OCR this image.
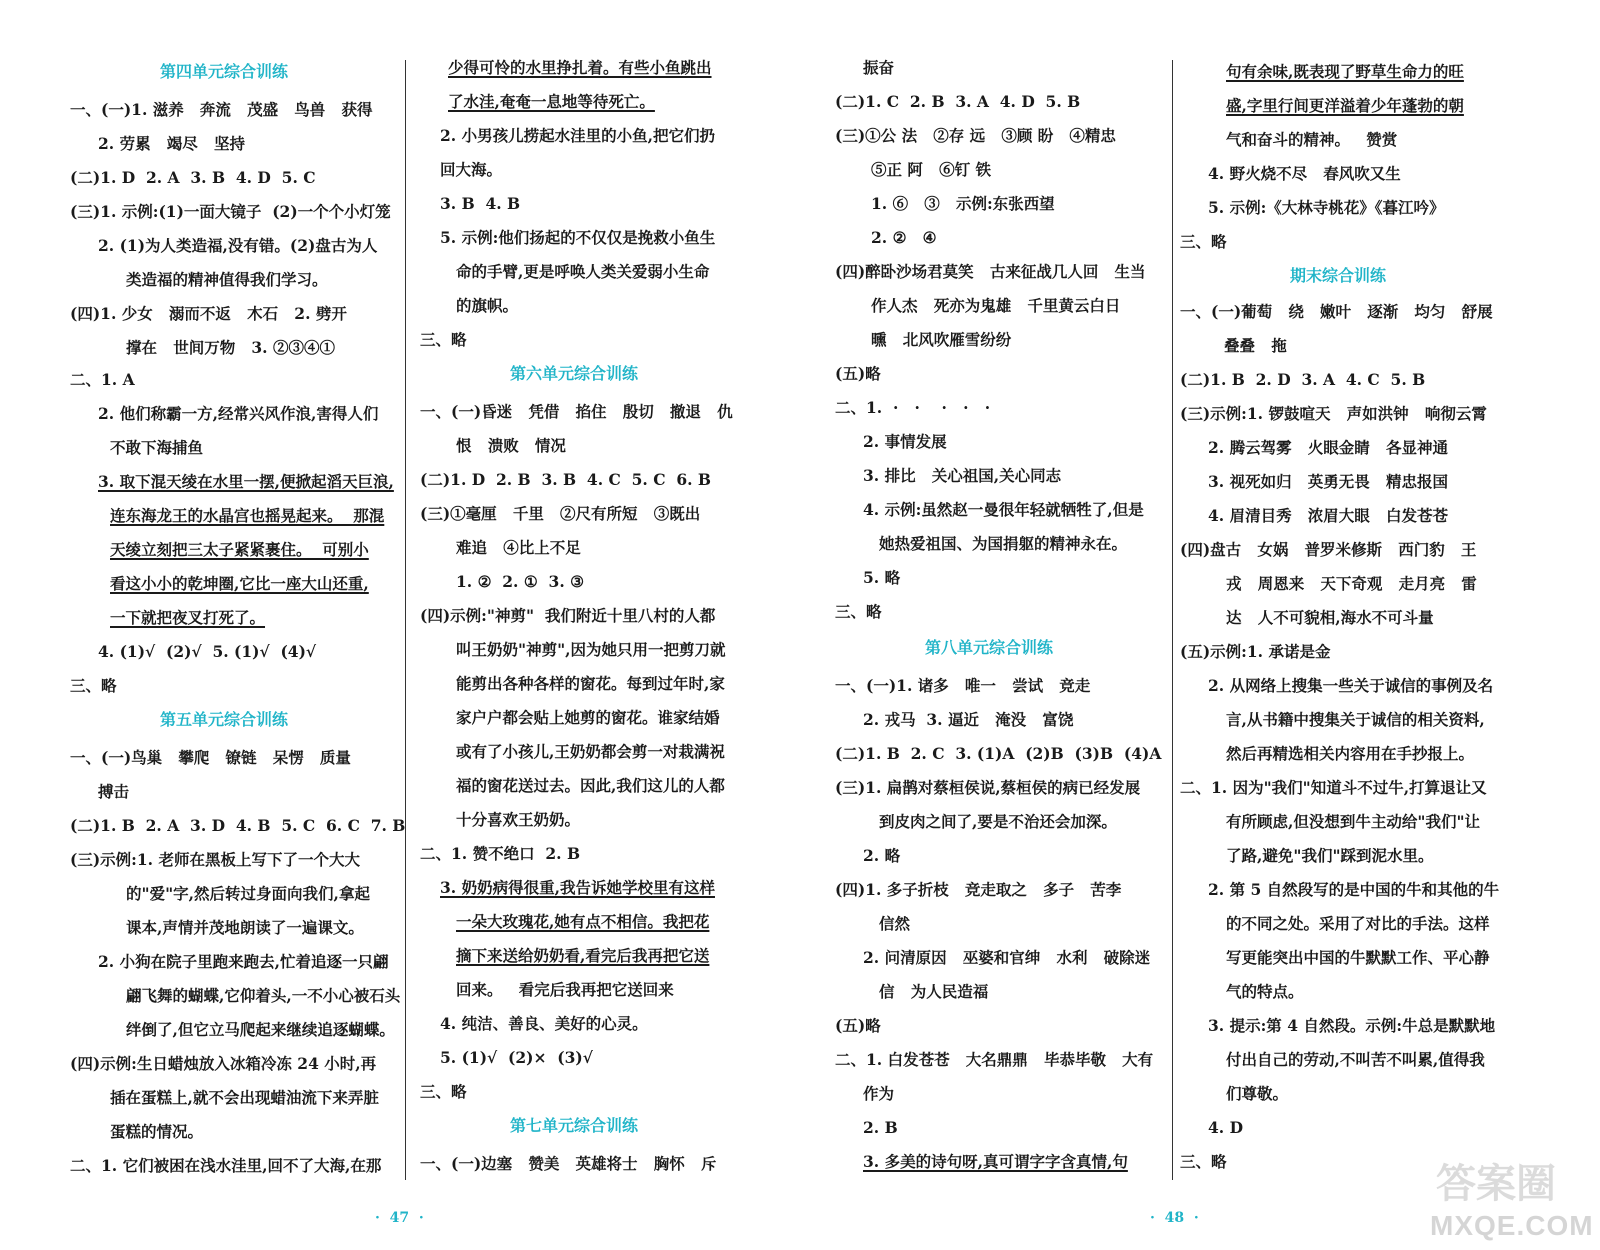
第四单元综合训练
一、(一)1. 滋养   奔流   茂盛   鸟兽   获得
2. 劳累   竭尽   坚持
(二)1. D  2. A  3. B  4. D  5. C
(三)1. 示例:(1)一面大镜子  (2)一个个小灯笼
2. (1)为人类造福,没有错。(2)盘古为人
类造福的精神值得我们学习。
(四)1. 少女   溺而不返   木石   2. 劈开
撑在   世间万物   3. ②③④①
二、1. A
2. 他们称霸一方,经常兴风作浪,害得人们
不敢下海捕鱼
3. 取下混天绫在水里一摆,便掀起滔天巨浪,
连东海龙王的水晶宫也摇晃起来。  那混
天绫立刻把三太子紧紧裹住。  可别小
看这小小的乾坤圈,它比一座大山还重,
一下就把夜叉打死了。
4. (1)√  (2)√  5. (1)√  (4)√
三、略
第五单元综合训练
一、(一)鸟巢   攀爬   镣链   呆愣   质量
搏击
(二)1. B  2. A  3. D  4. B  5. C  6. C  7. B
(三)示例:1. 老师在黑板上写下了一个大大
的"爱"字,然后转过身面向我们,拿起
课本,声情并茂地朗读了一遍课文。
2. 小狗在院子里跑来跑去,忙着追逐一只翩
翩飞舞的蝴蝶,它仰着头,一不小心被石头
绊倒了,但它立马爬起来继续追逐蝴蝶。
(四)示例:生日蜡烛放入冰箱冷冻 24 小时,再
插在蛋糕上,就不会出现蜡油流下来弄脏
蛋糕的情况。
二、1. 它们被困在浅水洼里,回不了大海,在那
少得可怜的水里挣扎着。有些小鱼跳出
了水洼,奄奄一息地等待死亡。
2. 小男孩儿捞起水洼里的小鱼,把它们扔
回大海。
3. B  4. B
5. 示例:他们扬起的不仅仅是挽救小鱼生
命的手臂,更是呼唤人类关爱弱小生命
的旗帜。
三、略
第六单元综合训练
一、(一)昏迷   凭借   掐住   殷切   撤退   仇
恨   溃败   情况
(二)1. D  2. B  3. B  4. C  5. C  6. B
(三)①毫厘   千里   ②尺有所短   ③既出
难追   ④比上不足
1. ②  2. ①  3. ③
(四)示例:"神剪"  我们附近十里八村的人都
叫王奶奶"神剪",因为她只用一把剪刀就
能剪出各种各样的窗花。每到过年时,家
家户户都会贴上她剪的窗花。谁家结婚
或有了小孩儿,王奶奶都会剪一对栽满祝
福的窗花送过去。因此,我们这儿的人都
十分喜欢王奶奶。
二、1. 赞不绝口  2. B
3. 奶奶病得很重,我告诉她学校里有这样
一朵大玫瑰花,她有点不相信。我把花
摘下来送给奶奶看,看完后我再把它送
回来。   看完后我再把它送回来
4. 纯洁、善良、美好的心灵。
5. (1)√  (2)×  (3)√
三、略
第七单元综合训练
一、(一)边塞   赞美   英雄将士   胸怀   斥
·  47  ·
振奋
(二)1. C  2. B  3. A  4. D  5. B
(三)①公 法   ②存 远   ③顾 盼   ④精忠
⑤正 阿   ⑥钉 铁
1. ⑥   ③   示例:东张西望
2. ②   ④
(四)醉卧沙场君莫笑   古来征战几人回   生当
作人杰   死亦为鬼雄   千里黄云白日
曛   北风吹雁雪纷纷
(五)略
二、1.  ·   ·    ·   ·   ·
2. 事情发展
3. 排比   关心祖国,关心同志
4. 示例:虽然赵一曼很年轻就牺牲了,但是
她热爱祖国、为国捐躯的精神永在。
5. 略
三、略
第八单元综合训练
一、(一)1. 诸多   唯一   尝试   竞走
2. 戎马  3. 逼近   淹没   富饶
(二)1. B  2. C  3. (1)A  (2)B  (3)B  (4)A
(三)1. 扁鹊对蔡桓侯说,蔡桓侯的病已经发展
到皮肉之间了,要是不治还会加深。
2. 略
(四)1. 多子折枝   竞走取之   多子   苦李
信然
2. 问清原因   巫婆和官绅   水利   破除迷
信   为人民造福
(五)略
二、1. 白发苍苍   大名鼎鼎   毕恭毕敬   大有
作为
2. B
3. 多美的诗句呀,真可谓字字含真情,句
句有余味,既表现了野草生命力的旺
盛,字里行间更洋溢着少年蓬勃的朝
气和奋斗的精神。   赞赏
4. 野火烧不尽   春风吹又生
5. 示例:《大林寺桃花》《暮江吟》
三、略
期末综合训练
一、(一)葡萄   绕   嫩叶   逐渐   均匀   舒展
叠叠   拖
(二)1. B  2. D  3. A  4. C  5. B
(三)示例:1. 锣鼓喧天   声如洪钟   响彻云霄
2. 腾云驾雾   火眼金睛   各显神通
3. 视死如归   英勇无畏   精忠报国
4. 眉清目秀   浓眉大眼   白发苍苍
(四)盘古   女娲   普罗米修斯   西门豹   王
戎   周恩来   天下奇观   走月亮   雷
达   人不可貌相,海水不可斗量
(五)示例:1. 承诺是金
2. 从网络上搜集一些关于诚信的事例及名
言,从书籍中搜集关于诚信的相关资料,
然后再精选相关内容用在手抄报上。
二、1. 因为"我们"知道斗不过牛,打算退让又
有所顾虑,但没想到牛主动给"我们"让
了路,避免"我们"踩到泥水里。
2. 第 5 自然段写的是中国的牛和其他的牛
的不同之处。采用了对比的手法。这样
写更能突出中国的牛默默工作、平心静
气的特点。
3. 提示:第 4 自然段。示例:牛总是默默地
付出自己的劳动,不叫苦不叫累,值得我
们尊敬。
4. D
三、略
·  48  ·
答案圈
MXQE.COM
